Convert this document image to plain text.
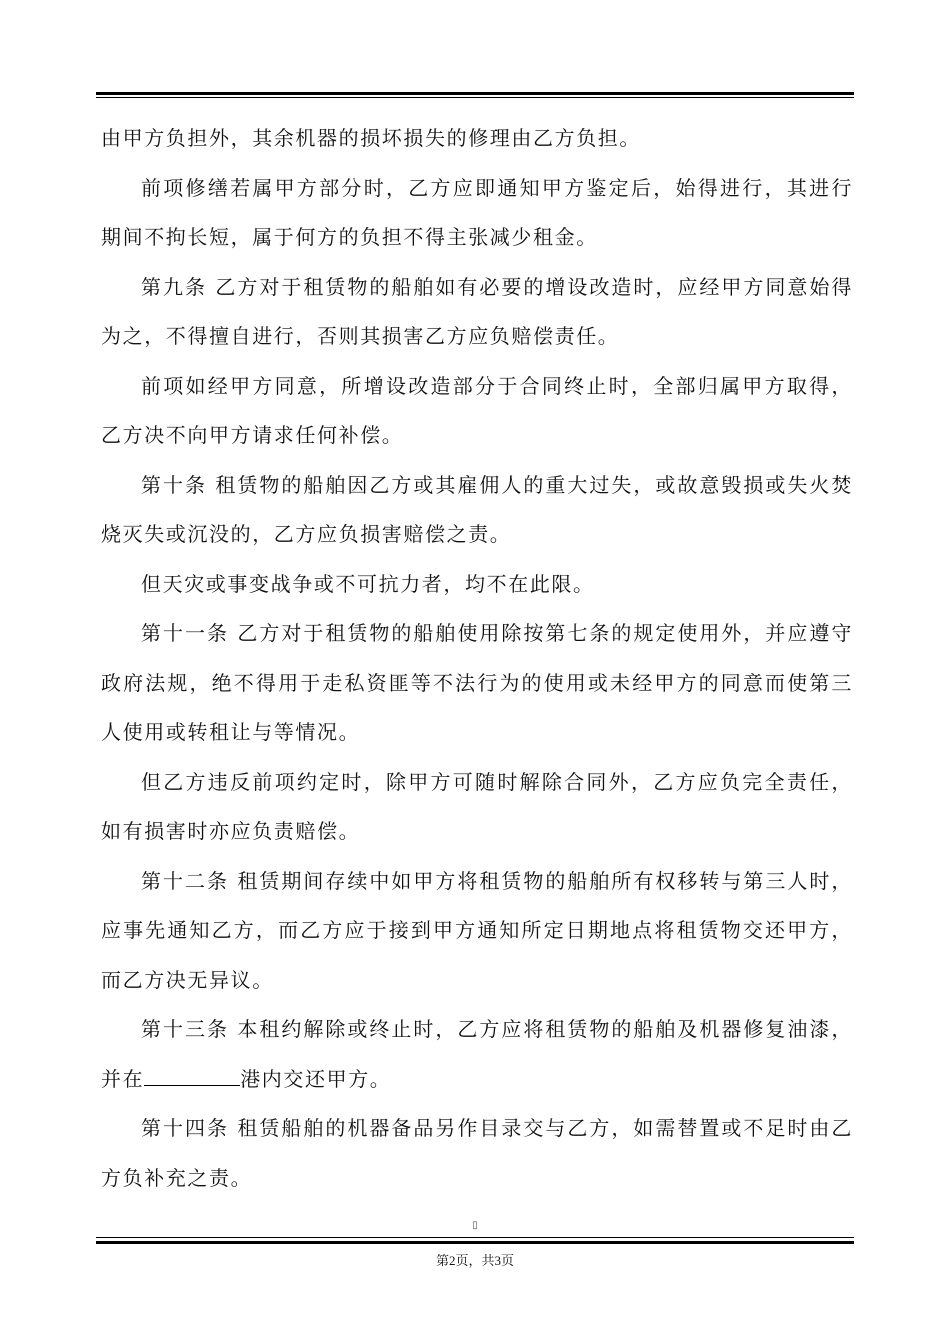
由甲方负担外，其余机器的损坏损失的修理由乙方负担。

前项修缮若属甲方部分时，乙方应即通知甲方鉴定后，始得进行，其进行期间不拘长短，属于何方的负担不得主张减少租金。

第九条 乙方对于租赁物的船舶如有必要的增设改造时，应经甲方同意始得为之，不得擅自进行，否则其损害乙方应负赔偿责任。

前项如经甲方同意，所增设改造部分于合同终止时，全部归属甲方取得，乙方决不向甲方请求任何补偿。

第十条 租赁物的船舶因乙方或其雇佣人的重大过失，或故意毁损或失火焚烧灭失或沉没的，乙方应负损害赔偿之责。

但天灾或事变战争或不可抗力者，均不在此限。

第十一条 乙方对于租赁物的船舶使用除按第七条的规定使用外，并应遵守政府法规，绝不得用于走私资匪等不法行为的使用或未经甲方的同意而使第三人使用或转租让与等情况。

但乙方违反前项约定时，除甲方可随时解除合同外，乙方应负完全责任，如有损害时亦应负责赔偿。

第十二条 租赁期间存续中如甲方将租赁物的船舶所有权移转与第三人时，应事先通知乙方，而乙方应于接到甲方通知所定日期地点将租赁物交还甲方，而乙方决无异议。

第十三条 本租约解除或终止时，乙方应将租赁物的船舶及机器修复油漆，并在	港内交还甲方。

第十四条 租赁船舶的机器备品另作目录交与乙方，如需替置或不足时由乙方负补充之责。

▯
第2页，共3页
